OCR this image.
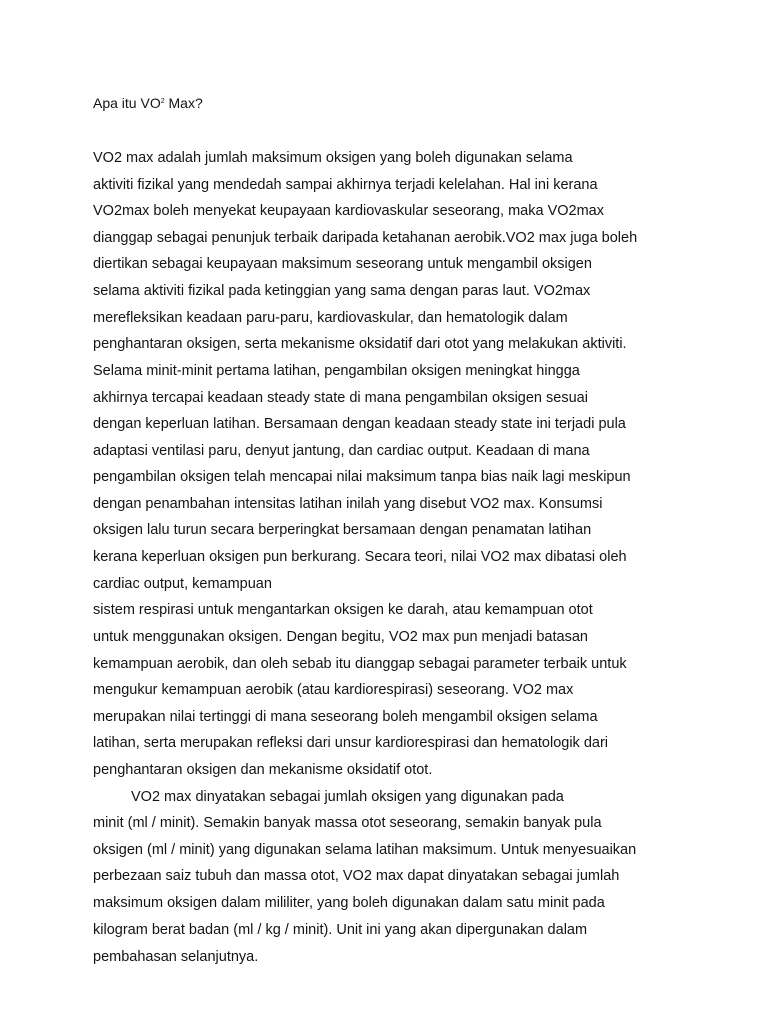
Apa itu $VO^2$ Max?
VO2 max adalah jumlah maksimum oksigen yang boleh digunakan selama
aktiviti fizikal yang mendedah sampai akhirnya terjadi kelelahan. Hal ini kerana
VO2max boleh menyekat keupayaan kardiovaskular seseorang, maka VO2max
dianggap sebagai penunjuk terbaik daripada ketahanan aerobik.VO2 max juga boleh
diertikan sebagai keupayaan maksimum seseorang untuk mengambil oksigen
selama aktiviti fizikal pada ketinggian yang sama dengan paras laut. VO2max
merefleksikan keadaan paru-paru, kardiovaskular, dan hematologik dalam
penghantaran oksigen, serta mekanisme oksidatif dari otot yang melakukan aktiviti.
Selama minit-minit pertama latihan, pengambilan oksigen meningkat hingga
akhirnya tercapai keadaan steady state di mana pengambilan oksigen sesuai
dengan keperluan latihan. Bersamaan dengan keadaan steady state ini terjadi pula
adaptasi ventilasi paru, denyut jantung, dan cardiac output. Keadaan di mana
pengambilan oksigen telah mencapai nilai maksimum tanpa bias naik lagi meskipun
dengan penambahan intensitas latihan inilah yang disebut VO2 max. Konsumsi
oksigen lalu turun secara berperingkat bersamaan dengan penamatan latihan
kerana keperluan oksigen pun berkurang. Secara teori, nilai VO2 max dibatasi oleh
cardiac output, kemampuan
sistem respirasi untuk mengantarkan oksigen ke darah, atau kemampuan otot
untuk menggunakan oksigen. Dengan begitu, VO2 max pun menjadi batasan
kemampuan aerobik, dan oleh sebab itu dianggap sebagai parameter terbaik untuk
mengukur kemampuan aerobik (atau kardiorespirasi) seseorang. VO2 max
merupakan nilai tertinggi di mana seseorang boleh mengambil oksigen selama
latihan, serta merupakan refleksi dari unsur kardiorespirasi dan hematologik dari
penghantaran oksigen dan mekanisme oksidatif otot.
VO2 max dinyatakan sebagai jumlah oksigen yang digunakan pada
minit (ml / minit). Semakin banyak massa otot seseorang, semakin banyak pula
oksigen (ml / minit) yang digunakan selama latihan maksimum. Untuk menyesuaikan
perbezaan saiz tubuh dan massa otot, VO2 max dapat dinyatakan sebagai jumlah
maksimum oksigen dalam mililiter, yang boleh digunakan dalam satu minit pada
kilogram berat badan (ml / kg / minit). Unit ini yang akan dipergunakan dalam
pembahasan selanjutnya.
